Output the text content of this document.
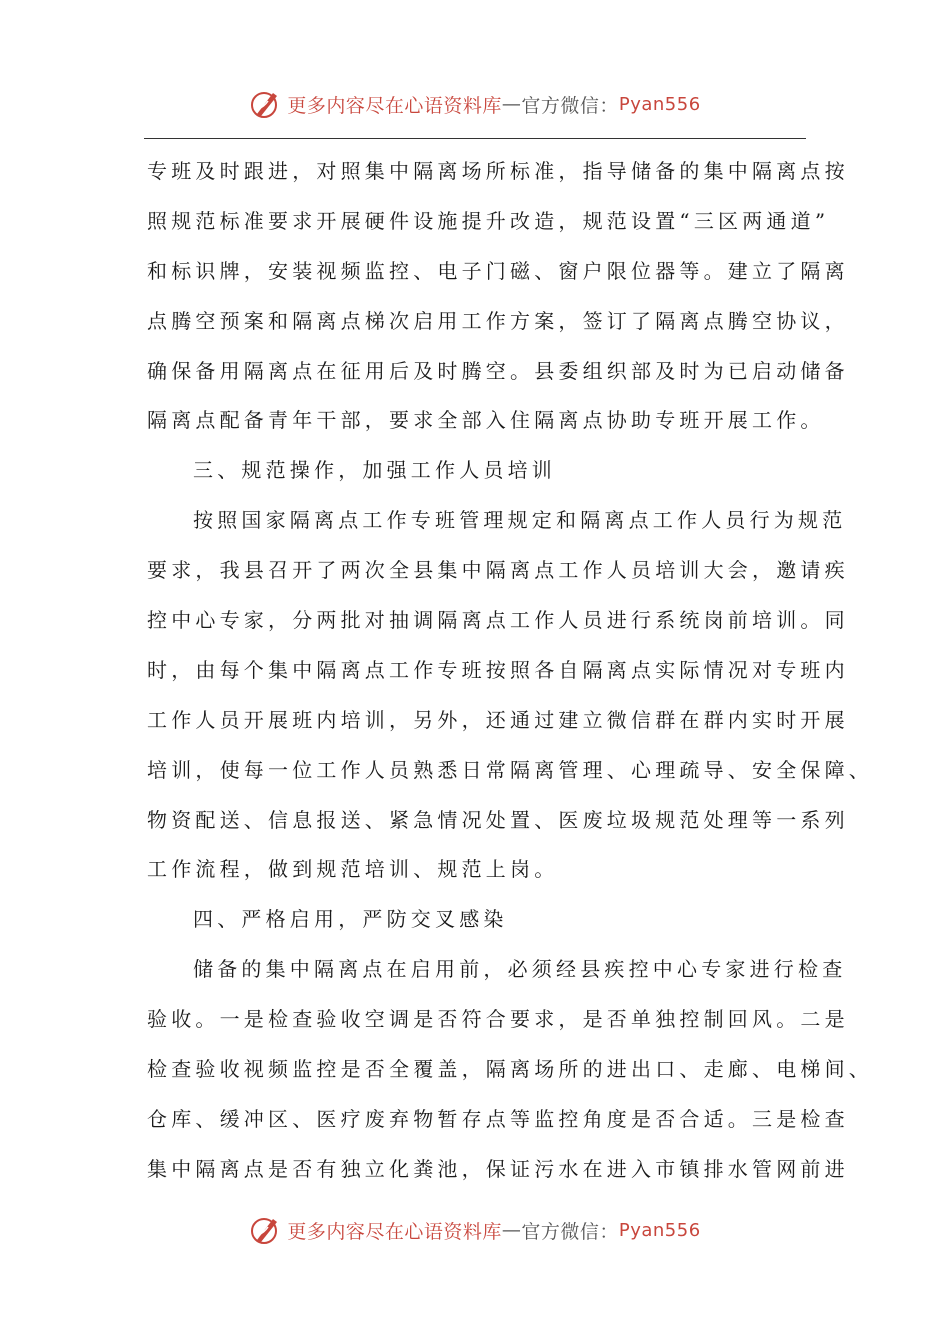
更多内容尽在心语资料库 — 官方微信： Pyan556
专班及时跟进，对照集中隔离场所标准，指导储备的集中隔离点按
照规范标准要求开展硬件设施提升改造，规范设置“三区两通道”
和标识牌，安装视频监控、电子门磁、窗户限位器等。建立了隔离
点腾空预案和隔离点梯次启用工作方案，签订了隔离点腾空协议，
确保备用隔离点在征用后及时腾空。县委组织部及时为已启动储备
隔离点配备青年干部，要求全部入住隔离点协助专班开展工作。
三、规范操作，加强工作人员培训
按照国家隔离点工作专班管理规定和隔离点工作人员行为规范
要求，我县召开了两次全县集中隔离点工作人员培训大会，邀请疾
控中心专家，分两批对抽调隔离点工作人员进行系统岗前培训。同
时，由每个集中隔离点工作专班按照各自隔离点实际情况对专班内
工作人员开展班内培训，另外，还通过建立微信群在群内实时开展
培训，使每一位工作人员熟悉日常隔离管理、心理疏导、安全保障、
物资配送、信息报送、紧急情况处置、医废垃圾规范处理等一系列
工作流程，做到规范培训、规范上岗。
四、严格启用，严防交叉感染
储备的集中隔离点在启用前，必须经县疾控中心专家进行检查
验收。一是检查验收空调是否符合要求，是否单独控制回风。二是
检查验收视频监控是否全覆盖，隔离场所的进出口、走廊、电梯间、
仓库、缓冲区、医疗废弃物暂存点等监控角度是否合适。三是检查
集中隔离点是否有独立化粪池，保证污水在进入市镇排水管网前进
更多内容尽在心语资料库 — 官方微信： Pyan556
